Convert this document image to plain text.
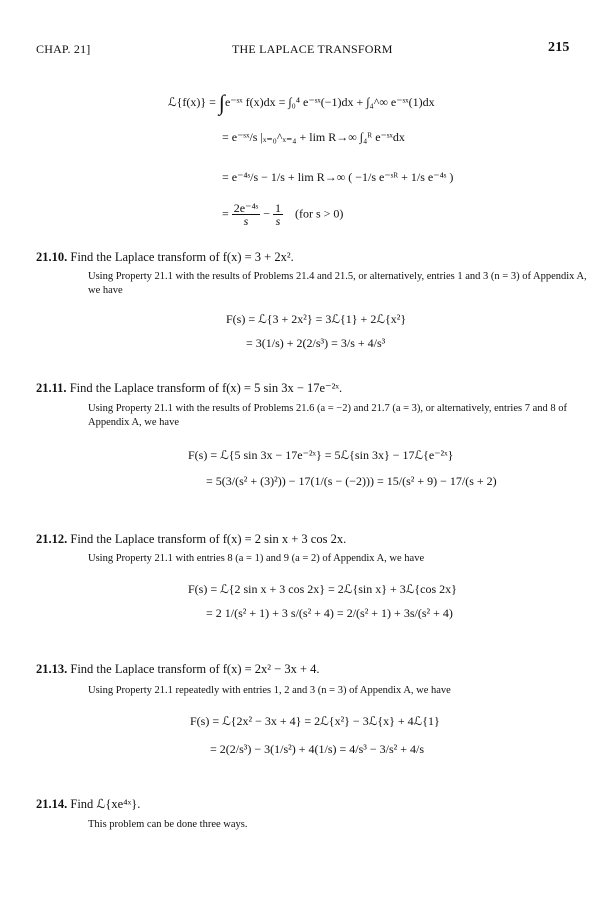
CHAP. 21]	THE LAPLACE TRANSFORM	215
ℒ{f(x)} = ∫e⁻ˢˣ f(x)dx = ∫₀⁴ e⁻ˢˣ(−1)dx + ∫₄^∞ e⁻ˢˣ(1)dx
= e⁻ˢˣ/s |ₓ₌₀^ₓ₌₄ + lim R→∞ ∫₄ᴿ e⁻ˢˣdx
= e⁻⁴ˢ/s − 1/s + lim R→∞ ( −1/s e⁻ˢᴿ + 1/s e⁻⁴ˢ )
= $\frac{\text{2e⁻⁴ˢ}}{s} - \frac{1}{s} (for$ s > 0)
21.10. Find the Laplace transform of f(x) = 3 + 2x².
Using Property 21.1 with the results of Problems 21.4 and 21.5, or alternatively, entries 1 and 3 (n = 3) of Appendix A, we have
F(s) = ℒ{3 + 2x²} = 3ℒ{1} + 2ℒ{x²}
= 3(1/s) + 2(2/s³) = 3/s + 4/s³
21.11. Find the Laplace transform of f(x) = 5 sin 3x − 17e⁻²ˣ.
Using Property 21.1 with the results of Problems 21.6 (a = −2) and 21.7 (a = 3), or alternatively, entries 7 and 8 of Appendix A, we have
F(s) = ℒ{5 sin 3x − 17e⁻²ˣ} = 5ℒ{sin 3x} − 17ℒ{e⁻²ˣ}
= 5(3/(s² + (3)²)) − 17(1/(s − (−2))) = 15/(s² + 9) − 17/(s + 2)
21.12. Find the Laplace transform of f(x) = 2 sin x + 3 cos 2x.
Using Property 21.1 with entries 8 (a = 1) and 9 (a = 2) of Appendix A, we have
F(s) = ℒ{2 sin x + 3 cos 2x} = 2ℒ{sin x} + 3ℒ{cos 2x}
= 2 1/(s² + 1) + 3 s/(s² + 4) = 2/(s² + 1) + 3s/(s² + 4)
21.13. Find the Laplace transform of f(x) = 2x² − 3x + 4.
Using Property 21.1 repeatedly with entries 1, 2 and 3 (n = 3) of Appendix A, we have
F(s) = ℒ{2x² − 3x + 4} = 2ℒ{x²} − 3ℒ{x} + 4ℒ{1}
= 2(2/s³) − 3(1/s²) + 4(1/s) = 4/s³ − 3/s² + 4/s
21.14. Find ℒ{xe⁴ˣ}.
This problem can be done three ways.
